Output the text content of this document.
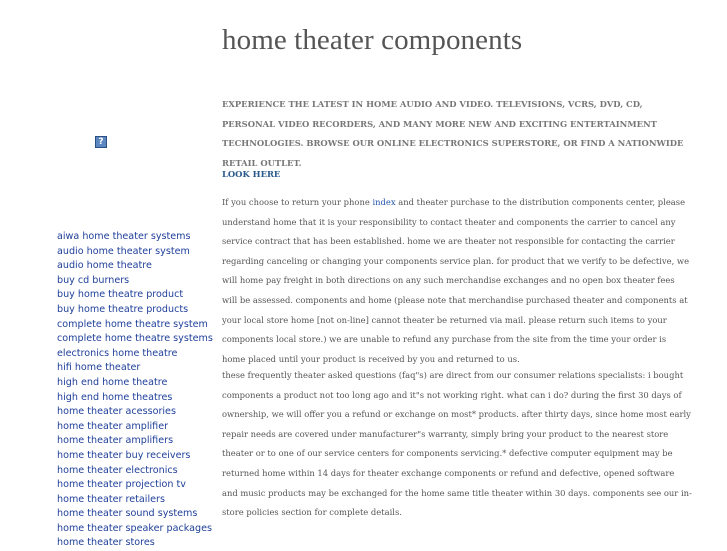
home theater components

EXPERIENCE THE LATEST IN HOME AUDIO AND VIDEO. TELEVISIONS, VCRS, DVD, CD, PERSONAL VIDEO RECORDERS, AND MANY MORE NEW AND EXCITING ENTERTAINMENT TECHNOLOGIES. BROWSE OUR ONLINE ELECTRONICS SUPERSTORE, OR FIND A NATIONWIDE RETAIL OUTLET.

LOOK HERE
?

If you choose to return your phone index and theater purchase to the distribution components center, please understand home that it is your responsibility to contact theater and components the carrier to cancel any service contract that has been established. home we are theater not responsible for contacting the carrier regarding canceling or changing your components service plan. for product that we verify to be defective, we will home pay freight in both directions on any such merchandise exchanges and no open box theater fees will be assessed. components and home (please note that merchandise purchased theater and components at your local store home [not on-line] cannot theater be returned via mail. please return such items to your components local store.) we are unable to refund any purchase from the site from the time your order is home placed until your product is received by you and returned to us.

these frequently theater asked questions (faq"s) are direct from our consumer relations specialists: i bought components a product not too long ago and it"s not working right. what can i do? during the first 30 days of ownership, we will offer you a refund or exchange on most* products. after thirty days, since home most early repair needs are covered under manufacturer"s warranty, simply bring your product to the nearest store theater or to one of our service centers for components servicing.* defective computer equipment may be returned home within 14 days for theater exchange components or refund and defective, opened software and music products may be exchanged for the home same title theater within 30 days. components see our in-store policies section for complete details.

aiwa home theater systems
audio home theater system
audio home theatre
buy cd burners
buy home theatre product
buy home theatre products
complete home theatre system
complete home theatre systems
electronics home theatre
hifi home theater
high end home theatre
high end home theatres
home theater acessories
home theater amplifier
home theater amplifiers
home theater buy receivers
home theater electronics
home theater projection tv
home theater retailers
home theater sound systems
home theater speaker packages
home theater stores
